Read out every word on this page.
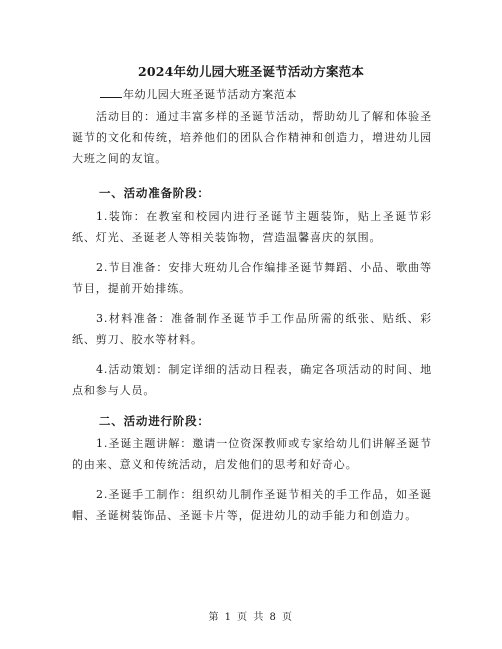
2024年幼儿园大班圣诞节活动方案范本
年幼儿园大班圣诞节活动方案范本
活动目的：通过丰富多样的圣诞节活动，帮助幼儿了解和体验圣诞节的文化和传统，培养他们的团队合作精神和创造力，增进幼儿园大班之间的友谊。
一、活动准备阶段：
1.装饰：在教室和校园内进行圣诞节主题装饰，贴上圣诞节彩纸、灯光、圣诞老人等相关装饰物，营造温馨喜庆的氛围。
2.节目准备：安排大班幼儿合作编排圣诞节舞蹈、小品、歌曲等节目，提前开始排练。
3.材料准备：准备制作圣诞节手工作品所需的纸张、贴纸、彩纸、剪刀、胶水等材料。
4.活动策划：制定详细的活动日程表，确定各项活动的时间、地点和参与人员。
二、活动进行阶段：
1.圣诞主题讲解：邀请一位资深教师或专家给幼儿们讲解圣诞节的由来、意义和传统活动，启发他们的思考和好奇心。
2.圣诞手工制作：组织幼儿制作圣诞节相关的手工作品，如圣诞帽、圣诞树装饰品、圣诞卡片等，促进幼儿的动手能力和创造力。
第 1 页 共 8 页
